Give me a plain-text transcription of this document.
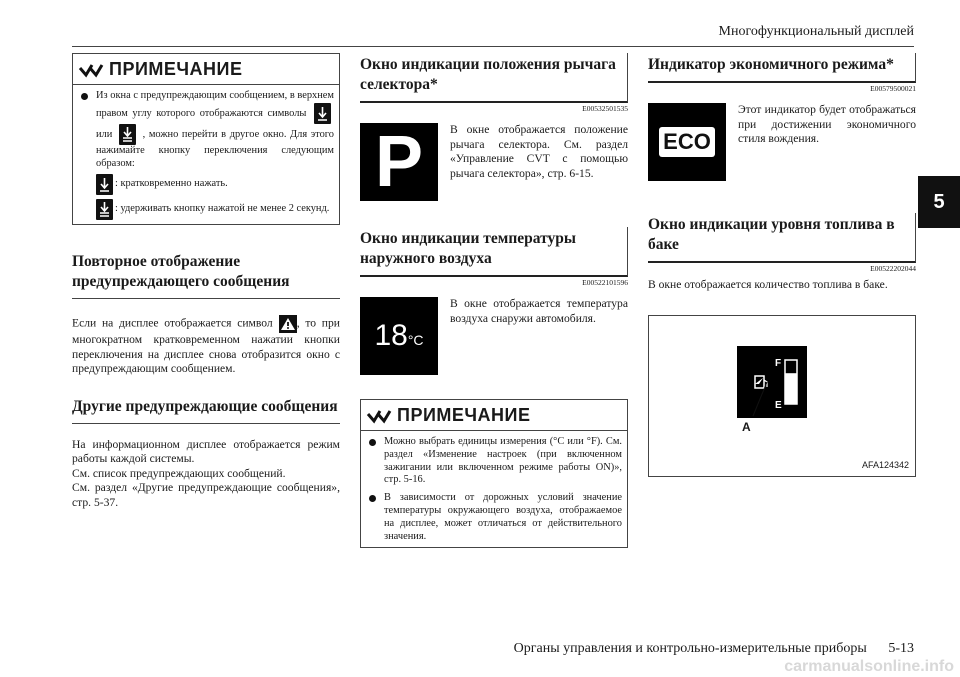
Многофункциональный дисплей
5
ПРИМЕЧАНИЕ
Из окна с предупреждающим сообщением, в верхнем правом углу которого отображаются символы
или	, можно перейти в другое окно. Для этого нажимайте кнопку переключения следующим образом:
: кратковременно нажать.
: удерживать кнопку нажатой не менее 2 секунд.
Повторное отображение предупреждающего сообщения
Если на дисплее отображается символ , то при многократном кратковременном нажатии кнопки переключения на дисплее снова отобразится окно с предупреждающим сообщением.
Другие предупреждающие сообщения
На информационном дисплее отображается режим работы каждой системы.
См. список предупреждающих сообщений.
См. раздел «Другие предупреждающие сообщения», стр. 5-37.
Окно индикации положения рычага селектора*
E00532501535
P В окне отображается положение рычага селектора. См. раздел «Управление CVT с помощью рычага селектора», стр. 6-15.
Окно индикации температуры наружного воздуха
E00522101596
18 °C
В окне отображается температура воздуха снаружи автомобиля.
ПРИМЕЧАНИЕ
Можно выбрать единицы измерения (°C или °F). См. раздел «Изменение настроек (при включенном зажигании или включенном режиме работы ON)», стр. 5-16.
В зависимости от дорожных условий значение температуры окружающего воздуха, отображаемое на дисплее, может отличаться от действительного значения.
Индикатор экономичного режима*
E00579500021
ECO
Этот индикатор будет отображаться при достижении экономичного стиля вождения.
Окно индикации уровня топлива в баке
E00522202044
В окне отображается количество топлива в баке.
F
E
A
AFA124342
Органы управления и контрольно-измерительные приборы 5-13
carmanualsonline.info
